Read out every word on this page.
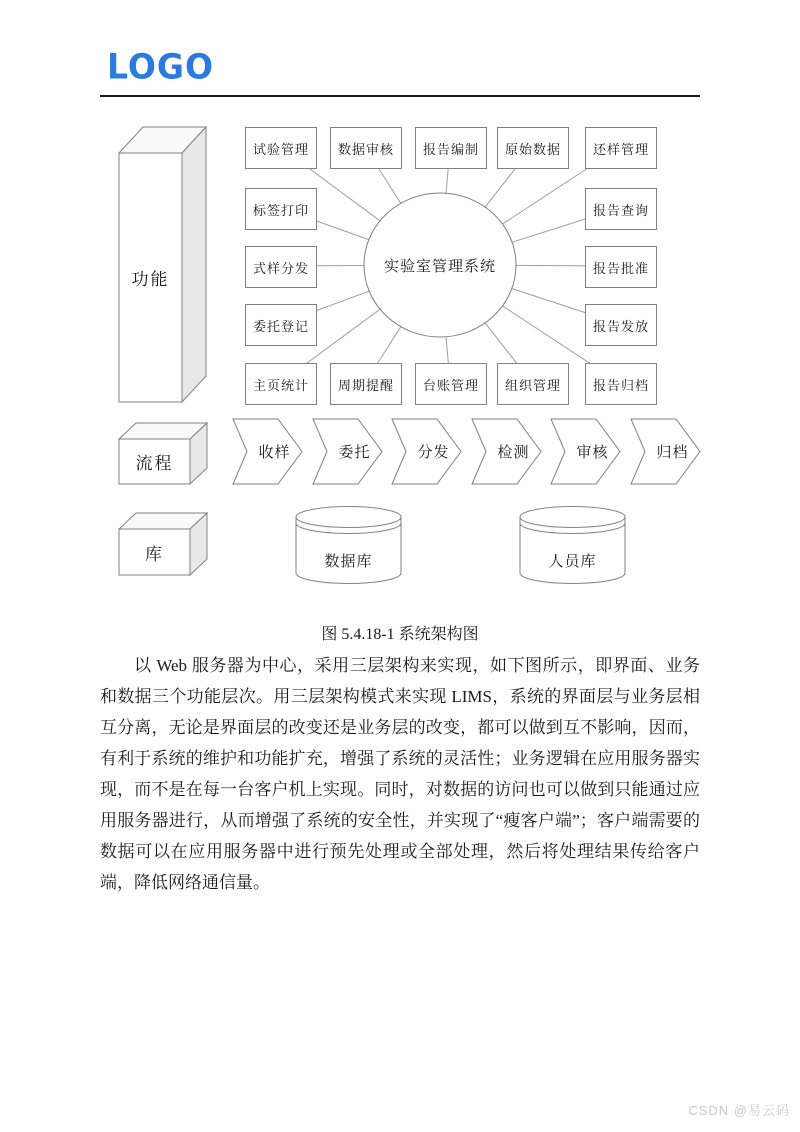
LOGO
试验管理	数据审核	报告编制	原始数据	还样管理
标签打印	报告查询
式样分发	报告批准
委托登记	报告发放
主页统计	周期提醒	台账管理	组织管理	报告归档
实验室管理系统
功能
流程
库
收样	委托	分发	检测	审核	归档
数据库	人员库
图 5.4.18-1 系统架构图

以 Web 服务器为中心，采用三层架构来实现，如下图所示，即界面、业务和数据三个功能层次。用三层架构模式来实现 LIMS，系统的界面层与业务层相互分离，无论是界面层的改变还是业务层的改变，都可以做到互不影响，因而，有利于系统的维护和功能扩充，增强了系统的灵活性；业务逻辑在应用服务器实现，而不是在每一台客户机上实现。同时，对数据的访问也可以做到只能通过应用服务器进行，从而增强了系统的安全性，并实现了“瘦客户端”；客户端需要的数据可以在应用服务器中进行预先处理或全部处理，然后将处理结果传给客户端，降低网络通信量。

CSDN @易云码
